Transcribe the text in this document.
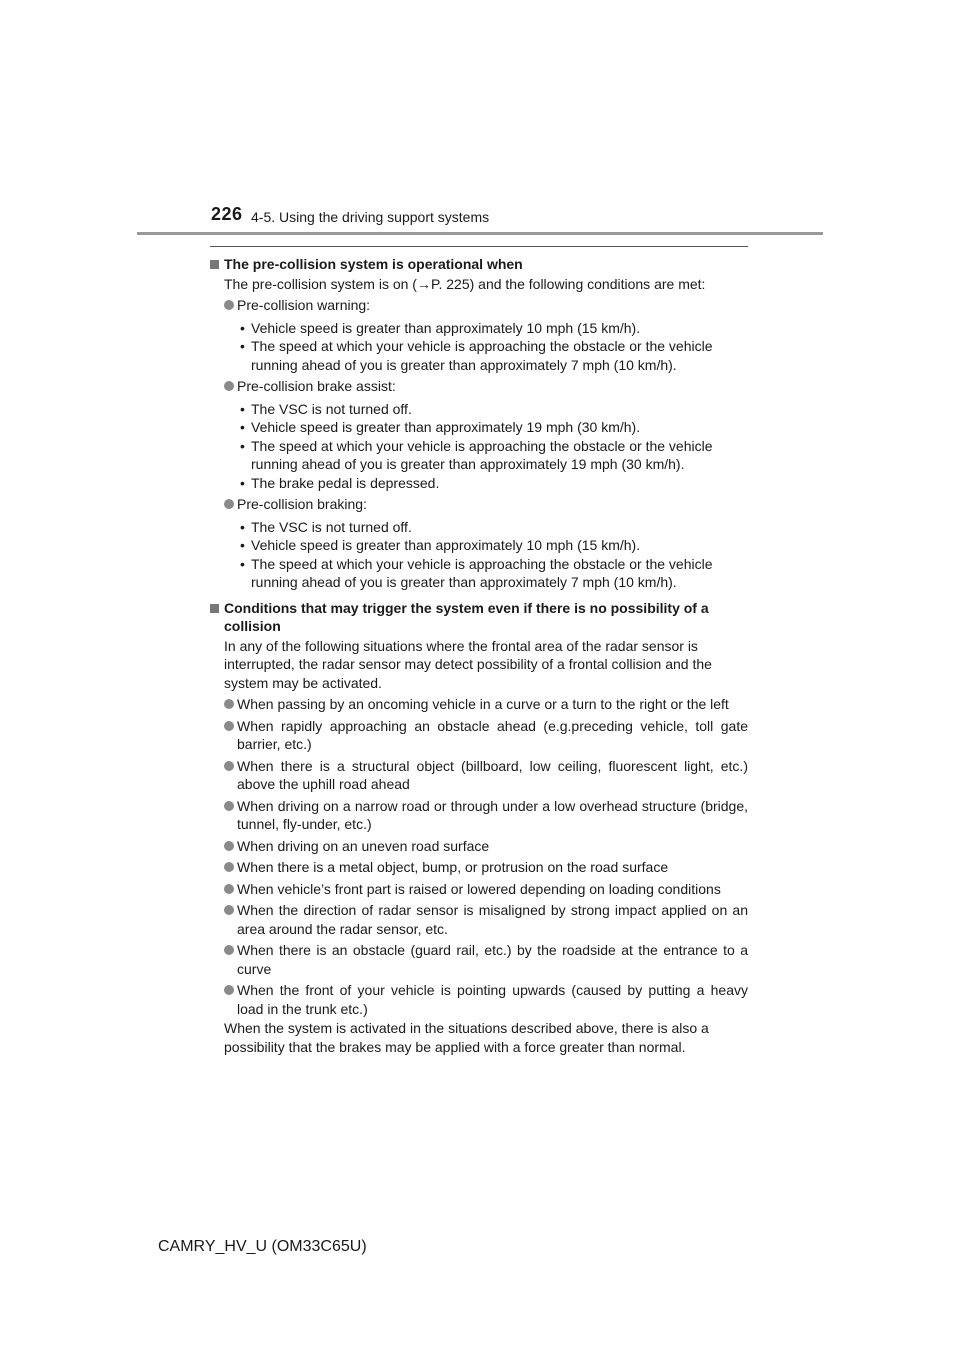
226 4-5. Using the driving support systems
The pre-collision system is operational when
The pre-collision system is on (→P. 225) and the following conditions are met:
Pre-collision warning:
• Vehicle speed is greater than approximately 10 mph (15 km/h).
• The speed at which your vehicle is approaching the obstacle or the vehicle running ahead of you is greater than approximately 7 mph (10 km/h).
Pre-collision brake assist:
• The VSC is not turned off.
• Vehicle speed is greater than approximately 19 mph (30 km/h).
• The speed at which your vehicle is approaching the obstacle or the vehicle running ahead of you is greater than approximately 19 mph (30 km/h).
• The brake pedal is depressed.
Pre-collision braking:
• The VSC is not turned off.
• Vehicle speed is greater than approximately 10 mph (15 km/h).
• The speed at which your vehicle is approaching the obstacle or the vehicle running ahead of you is greater than approximately 7 mph (10 km/h).
Conditions that may trigger the system even if there is no possibility of a collision
In any of the following situations where the frontal area of the radar sensor is interrupted, the radar sensor may detect possibility of a frontal collision and the system may be activated.
When passing by an oncoming vehicle in a curve or a turn to the right or the left
When rapidly approaching an obstacle ahead (e.g.preceding vehicle, toll gate barrier, etc.)
When there is a structural object (billboard, low ceiling, fluorescent light, etc.) above the uphill road ahead
When driving on a narrow road or through under a low overhead structure (bridge, tunnel, fly-under, etc.)
When driving on an uneven road surface
When there is a metal object, bump, or protrusion on the road surface
When vehicle’s front part is raised or lowered depending on loading conditions
When the direction of radar sensor is misaligned by strong impact applied on an area around the radar sensor, etc.
When there is an obstacle (guard rail, etc.) by the roadside at the entrance to a curve
When the front of your vehicle is pointing upwards (caused by putting a heavy load in the trunk etc.)
When the system is activated in the situations described above, there is also a possibility that the brakes may be applied with a force greater than normal.
CAMRY_HV_U (OM33C65U)
